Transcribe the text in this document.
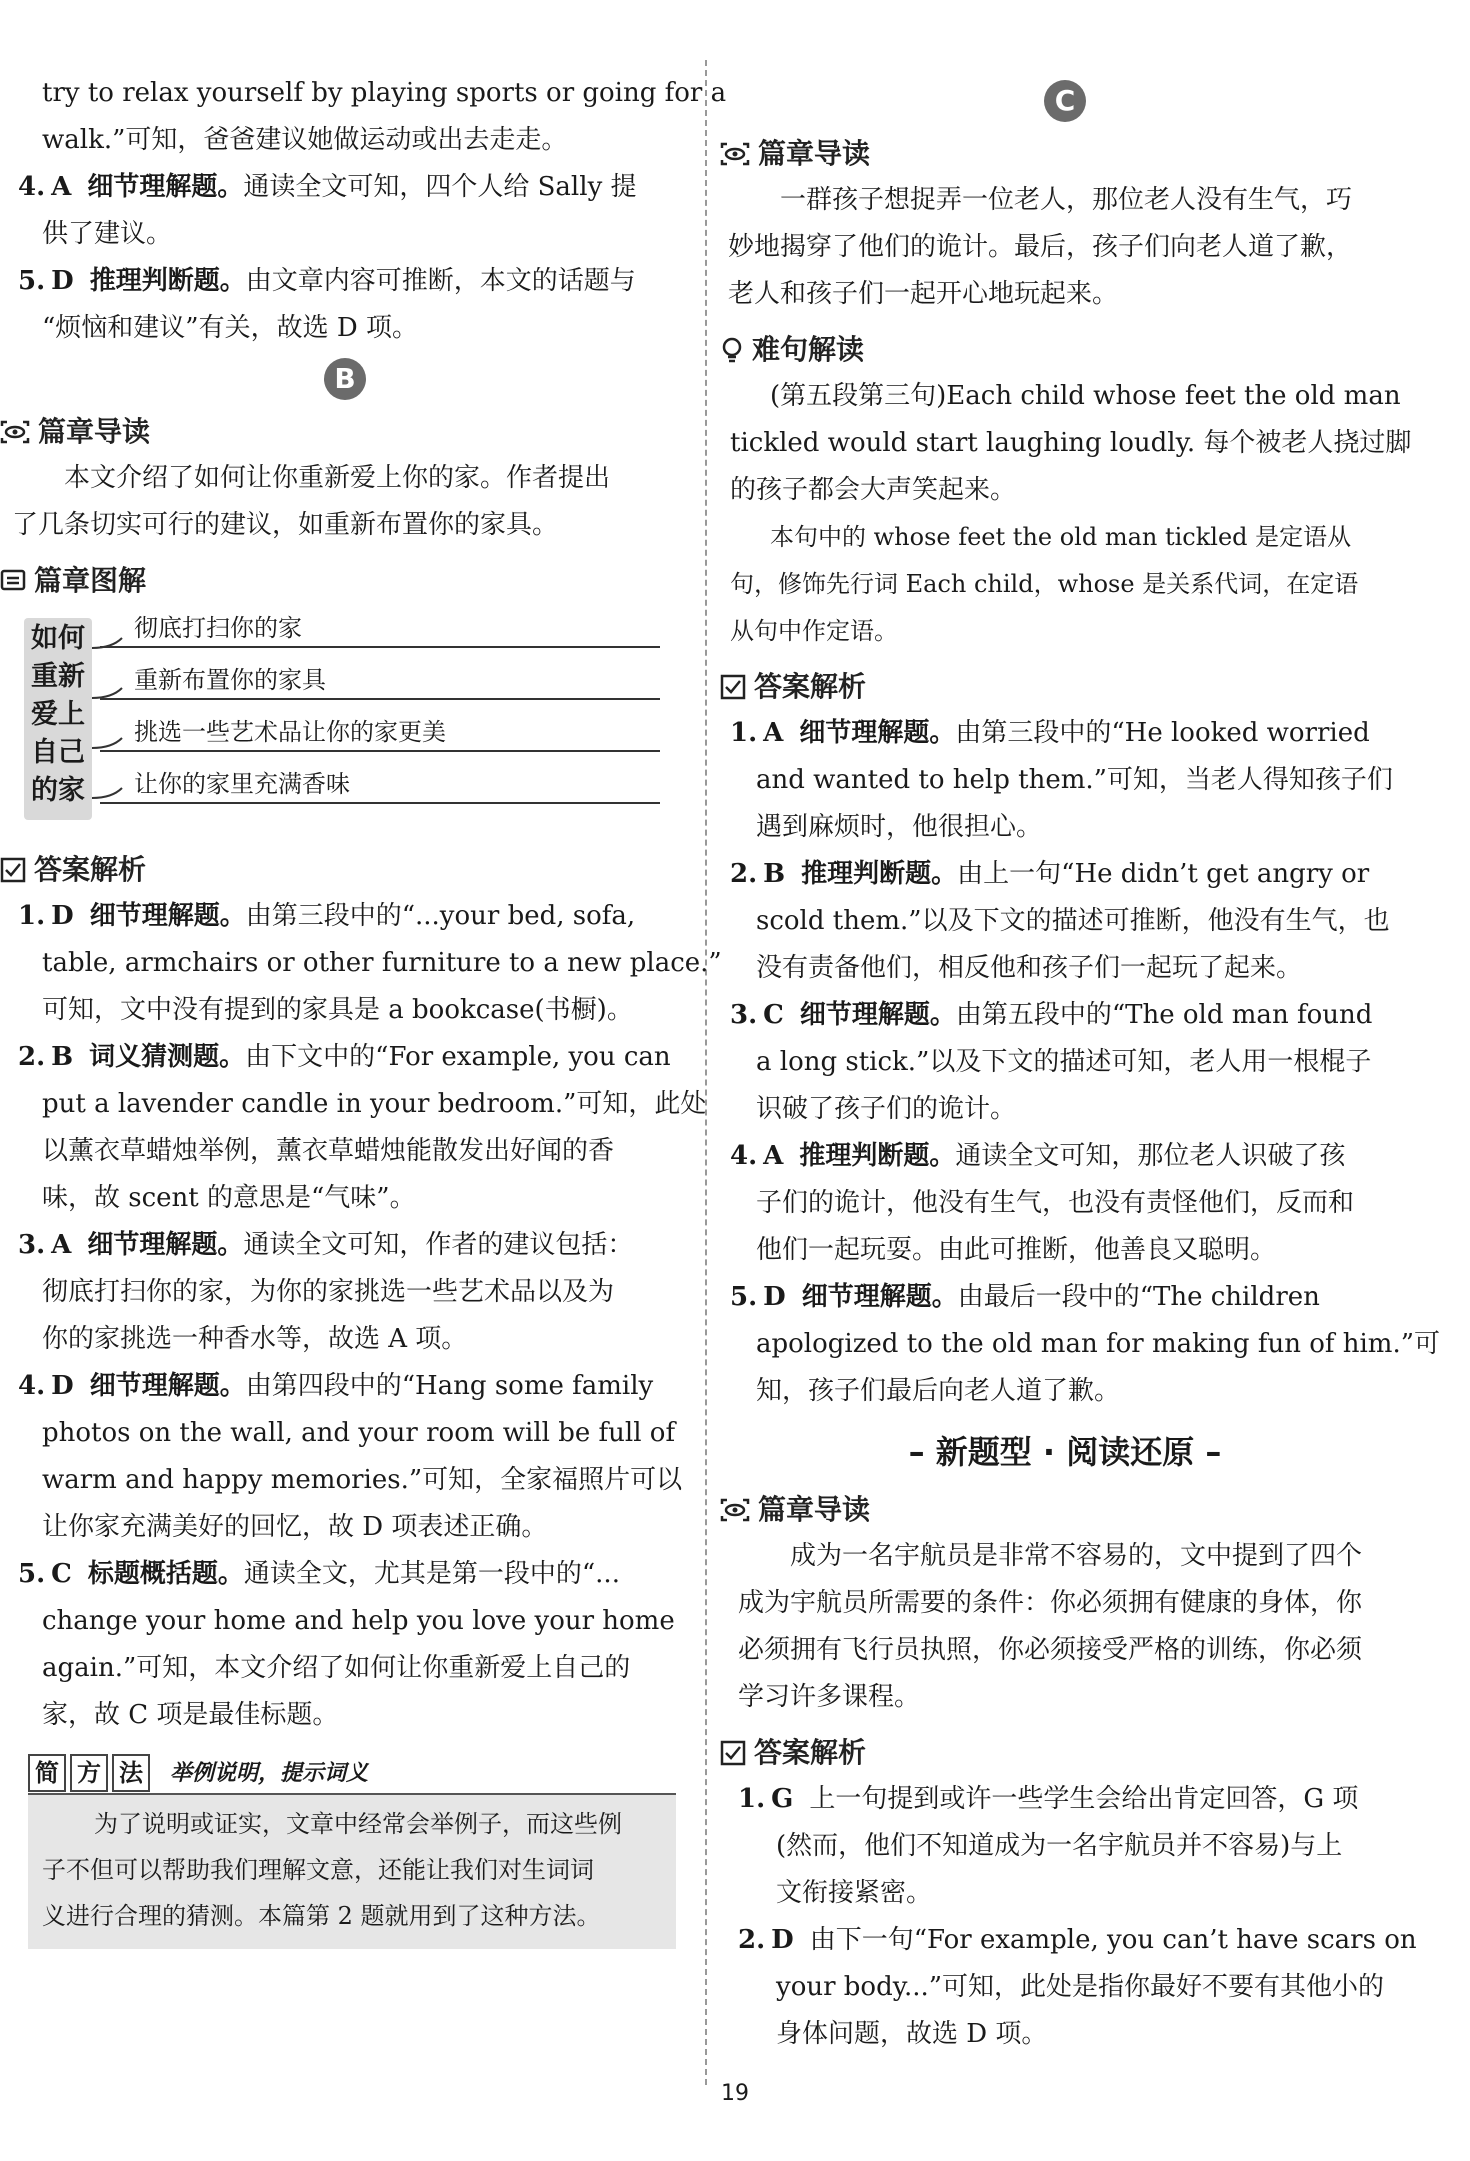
try to relax yourself by playing sports or going for a

walk.”可知，爸爸建议她做运动或出去走走。

4. A 细节理解题。通读全文可知，四个人给 Sally 提

供了建议。

5. D 推理判断题。由文章内容可推断，本文的话题与

“烦恼和建议”有关，故选 D 项。

B
篇章导读

本文介绍了如何让你重新爱上你的家。作者提出

了几条切实可行的建议，如重新布置你的家具。

篇章图解
如何
重新
爱上
自己
的家
彻底打扫你的家
重新布置你的家具
挑选一些艺术品让你的家更美
让你的家里充满香味
答案解析

1. D 细节理解题。由第三段中的“...your bed, sofa,

table, armchairs or other furniture to a new place.”

可知，文中没有提到的家具是 a bookcase(书橱)。

2. B 词义猜测题。由下文中的“For example, you can

put a lavender candle in your bedroom.”可知，此处

以薰衣草蜡烛举例，薰衣草蜡烛能散发出好闻的香

味，故 scent 的意思是“气味”。

3. A 细节理解题。通读全文可知，作者的建议包括：

彻底打扫你的家，为你的家挑选一些艺术品以及为

你的家挑选一种香水等，故选 A 项。

4. D 细节理解题。由第四段中的“Hang some family

photos on the wall, and your room will be full of

warm and happy memories.”可知，全家福照片可以

让你家充满美好的回忆，故 D 项表述正确。

5. C 标题概括题。通读全文，尤其是第一段中的“...

change your home and help you love your home

again.”可知，本文介绍了如何让你重新爱上自己的

家，故 C 项是最佳标题。

简 方 法	举例说明，提示词义

为了说明或证实，文章中经常会举例子，而这些例

子不但可以帮助我们理解文意，还能让我们对生词词

义进行合理的猜测。本篇第 2 题就用到了这种方法。

C
篇章导读

一群孩子想捉弄一位老人，那位老人没有生气，巧

妙地揭穿了他们的诡计。最后，孩子们向老人道了歉，

老人和孩子们一起开心地玩起来。

难句解读

(第五段第三句)Each child whose feet the old man

tickled would start laughing loudly. 每个被老人挠过脚

的孩子都会大声笑起来。

本句中的 whose feet the old man tickled 是定语从

句，修饰先行词 Each child，whose 是关系代词，在定语

从句中作定语。

答案解析

1. A 细节理解题。由第三段中的“He looked worried

and wanted to help them.”可知，当老人得知孩子们

遇到麻烦时，他很担心。

2. B 推理判断题。由上一句“He didn’t get angry or

scold them.”以及下文的描述可推断，他没有生气，也

没有责备他们，相反他和孩子们一起玩了起来。

3. C 细节理解题。由第五段中的“The old man found

a long stick.”以及下文的描述可知，老人用一根棍子

识破了孩子们的诡计。

4. A 推理判断题。通读全文可知，那位老人识破了孩

子们的诡计，他没有生气，也没有责怪他们，反而和

他们一起玩耍。由此可推断，他善良又聪明。

5. D 细节理解题。由最后一段中的“The children

apologized to the old man for making fun of him.”可

知，孩子们最后向老人道了歉。

– 新题型 · 阅读还原 –
篇章导读

成为一名宇航员是非常不容易的，文中提到了四个

成为宇航员所需要的条件：你必须拥有健康的身体，你

必须拥有飞行员执照，你必须接受严格的训练，你必须

学习许多课程。

答案解析

1. G 上一句提到或许一些学生会给出肯定回答，G 项

(然而，他们不知道成为一名宇航员并不容易)与上

文衔接紧密。

2. D 由下一句“For example, you can’t have scars on

your body...”可知，此处是指你最好不要有其他小的

身体问题，故选 D 项。

19
